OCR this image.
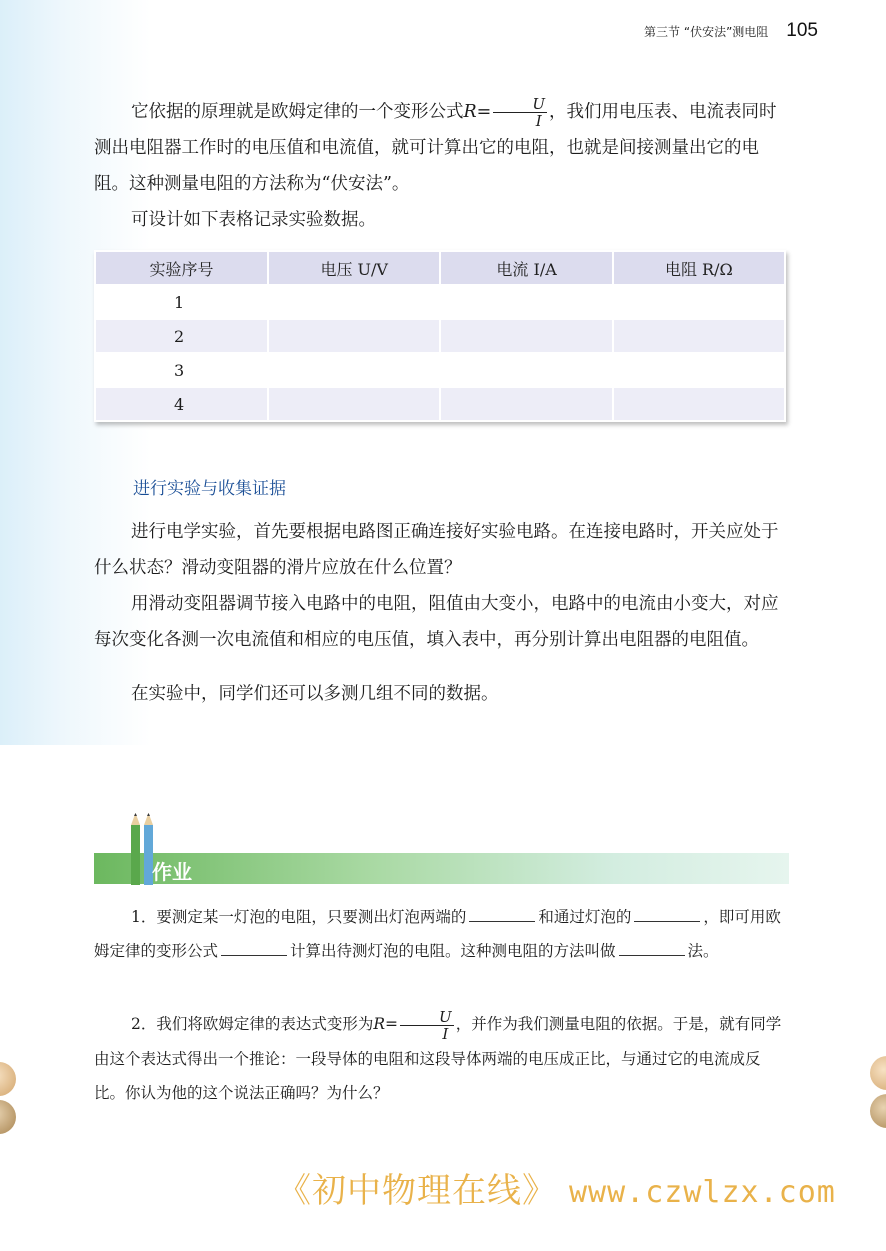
第三节 “伏安法”测电阻 105

它依据的原理就是欧姆定律的一个变形公式$R= \frac{U}{I}$ ，我们用电压表、电流表同时测出电阻器工作时的电压值和电流值，就可计算出它的电阻，也就是间接测量出它的电阻。这种测量电阻的方法称为“伏安法”。

可设计如下表格记录实验数据。

实验序号	电压 U/V	电流 I/A	电阻 R/Ω
1			
2			
3			
4			
进行实验与收集证据

进行电学实验，首先要根据电路图正确连接好实验电路。在连接电路时，开关应处于什么状态？滑动变阻器的滑片应放在什么位置？

用滑动变阻器调节接入电路中的电阻，阻值由大变小，电路中的电流由小变大，对应每次变化各测一次电流值和相应的电压值，填入表中，再分别计算出电阻器的电阻值。

在实验中，同学们还可以多测几组不同的数据。

作业

1．要测定某一灯泡的电阻，只要测出灯泡两端的	和通过灯泡的	，即可用欧姆定律的变形公式	计算出待测灯泡的电阻。这种测电阻的方法叫做	法。

2．我们将欧姆定律的表达式变形为$R= \frac{U}{I}$ ，并作为我们测量电阻的依据。于是，就有同学由这个表达式得出一个推论：一段导体的电阻和这段导体两端的电压成正比，与通过它的电流成反比。你认为他的这个说法正确吗？为什么？

《初中物理在线》 www.czwlzx.com
